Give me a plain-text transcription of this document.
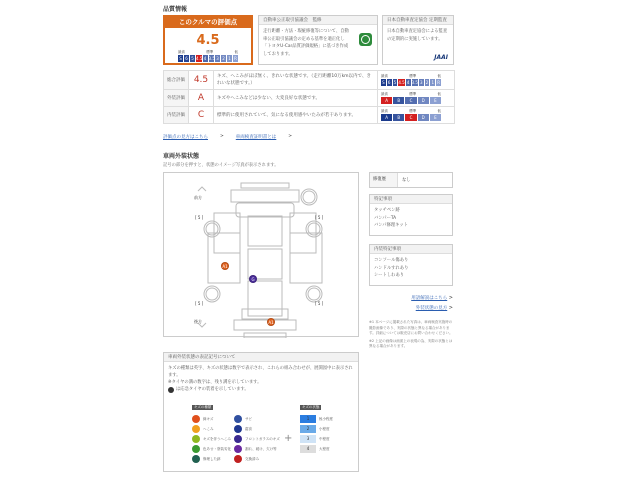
品質情報
このクルマの評価点
4.5
最高	標準	低
S 6 5 4.5 4 3.5 3 2 1 R
自動車公正取引協議会　監修
走行距離・方法・瑕疵修復等について、自動車公正取引協議会の定める基準を適正化し「トヨタU-Car品質評価規格」に基づき作成しております。
日本自動車査定協会 定期監査
日本自動車査定協会による監査の定期的に実施しています。
JAAI
総合評価	4.5	キズ、へこみがほぼ無く、きれいな状態です。（走行距離10万km以内で、きれいな状態です。）	
最高	標準	低
S 6 5 4.5 4 3.5 3 2 1 R

外装評価	A	キズやへこみなどは少ない、大変良好な状態です。	
最高	標準	低
A	B	C	D	E

内装評価	C	標準的に使用されていて、気になる使用感やいたみが若干あります。	
最高	標準	低
A	B	C	D	E
評価点の見方はこちら	>	車両検査証明書とは	>
車両外装状態
記号の部分を押すと、状態のイメージ写真が表示されます。
前方
後方
[ 5 ]	[ 5 ]
[ 5 ]	[ 5 ]
A1
G
A1
修復歴	なし
特記事項
タッチペン跡
バンパーTA
バンパ修理キット
内装特記事項
コンソール傷あり
ハンドルすれあり
シートしわあり
用語解説はこちら >
外装状態の見方 >
※1 本ページに掲載された写真は、車両検査実施時の撮影画像であり、実際の状態と異なる場合があります。詳細については販売店にお問い合わせください。
※2 上記の画像は画面上の表現の為、実際の状態とは異なる場合があります。
車両外装状態の表記記号について
キズの種類は英字、キズの状態は数字で表示され、これらの組み合わせが、展開図中に表示されます。
※タイヤの溝の数字は、残り溝を示しています。
は応急タイヤの装着を示しています。
キズの種類
線キズ
へこみ
キズを伴うへこみ
色あせ・塗装劣化
修理した跡
サビ
腐食
フロントガラスのキズ
割れ、破け、欠け等
交換済み
+
キズの状態
1	極小程度
2	小程度
3	中程度
4	大程度
